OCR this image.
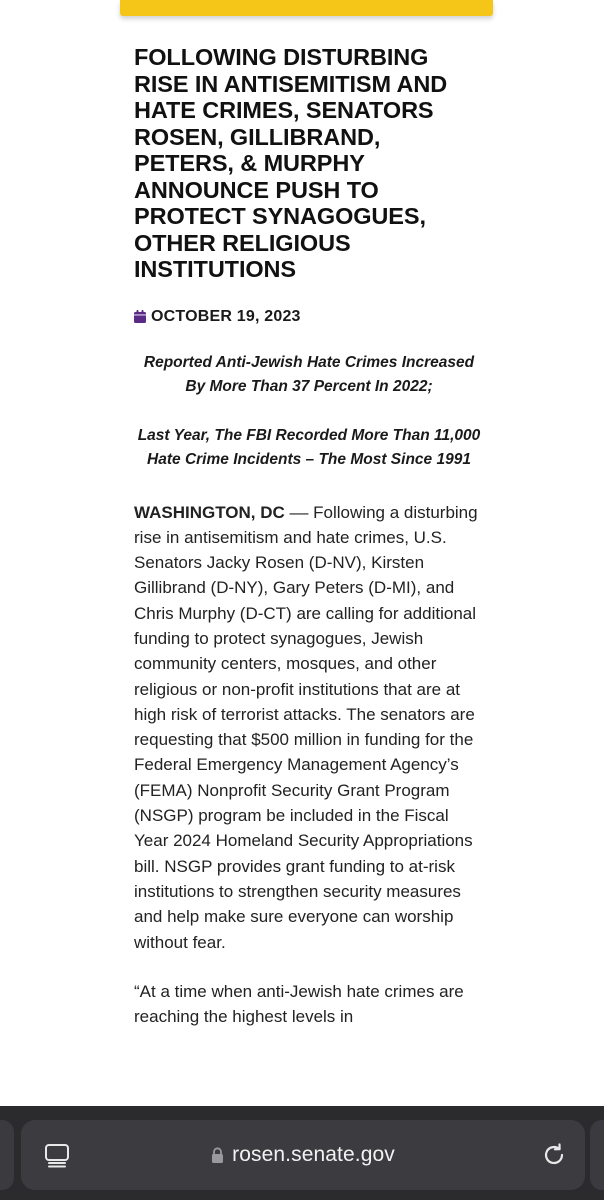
FOLLOWING DISTURBING RISE IN ANTISEMITISM AND HATE CRIMES, SENATORS ROSEN, GILLIBRAND, PETERS, & MURPHY ANNOUNCE PUSH TO PROTECT SYNAGOGUES, OTHER RELIGIOUS INSTITUTIONS
OCTOBER 19, 2023

Reported Anti-Jewish Hate Crimes Increased By More Than 37 Percent In 2022;

Last Year, The FBI Recorded More Than 11,000 Hate Crime Incidents – The Most Since 1991

WASHINGTON, DC –– Following a disturbing rise in antisemitism and hate crimes, U.S. Senators Jacky Rosen (D-NV), Kirsten Gillibrand (D-NY), Gary Peters (D-MI), and Chris Murphy (D-CT) are calling for additional funding to protect synagogues, Jewish community centers, mosques, and other religious or non-profit institutions that are at high risk of terrorist attacks. The senators are requesting that $500 million in funding for the Federal Emergency Management Agency’s (FEMA) Nonprofit Security Grant Program (NSGP) program be included in the Fiscal Year 2024 Homeland Security Appropriations bill. NSGP provides grant funding to at-risk institutions to strengthen security measures and help make sure everyone can worship without fear.

“At a time when anti-Jewish hate crimes are reaching the highest levels in

rosen.senate.gov
